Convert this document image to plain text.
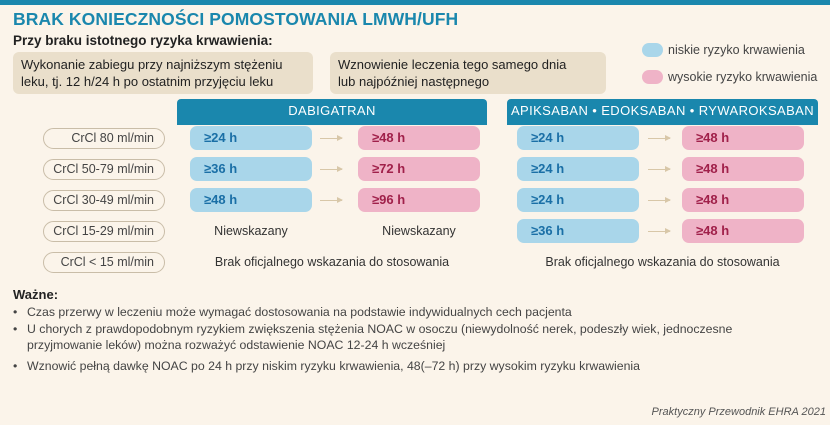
BRAK KONIECZNOŚCI POMOSTOWANIA LMWH/UFH
Przy braku istotnego ryzyka krwawienia:
Wykonanie zabiegu przy najniższym stężeniu
leku, tj. 12 h/24 h po ostatnim przyjęciu leku
Wznowienie leczenia tego samego dnia
lub najpóźniej następnego
niskie ryzyko krwawienia
wysokie ryzyko krwawienia
DABIGATRAN	APIKSABAN • EDOKSABAN • RYWAROKSABAN
CrCl 80 ml/min	≥24 h	≥48 h	≥24 h	≥48 h
CrCl 50-79 ml/min	≥36 h	≥72 h	≥24 h	≥48 h
CrCl 30-49 ml/min	≥48 h	≥96 h	≥24 h	≥48 h
CrCl 15-29 ml/min	Niewskazany	Niewskazany	≥36 h	≥48 h
CrCl < 15 ml/min	Brak oficjalnego wskazania do stosowania	Brak oficjalnego wskazania do stosowania
Ważne:
• Czas przerwy w leczeniu może wymagać dostosowania na podstawie indywidualnych cech pacjenta
• U chorych z prawdopodobnym ryzykiem zwiększenia stężenia NOAC w osoczu (niewydolność nerek, podeszły wiek, jednoczesne
przyjmowanie leków) można rozważyć odstawienie NOAC 12-24 h wcześniej
• Wznowić pełną dawkę NOAC po 24 h przy niskim ryzyku krwawienia, 48(–72 h) przy wysokim ryzyku krwawienia
Praktyczny Przewodnik EHRA 2021
